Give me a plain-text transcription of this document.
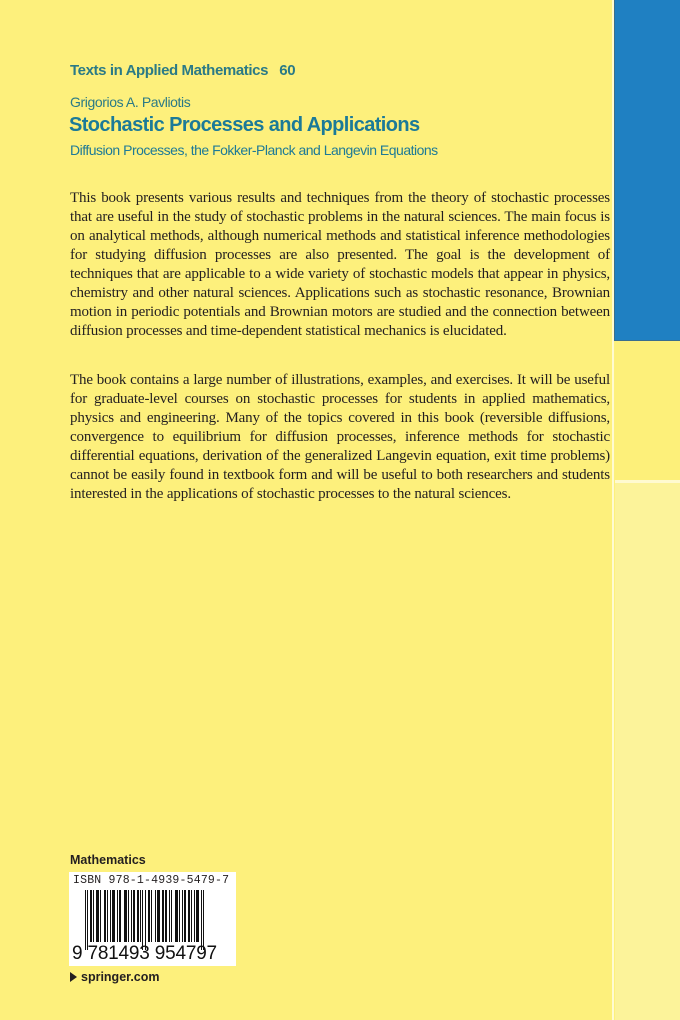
Texts in Applied Mathematics   60
Grigorios A. Pavliotis
Stochastic Processes and Applications
Diffusion Processes, the Fokker-Planck and Langevin Equations

This book presents various results and techniques from the theory of stochastic processes that are useful in the study of stochastic problems in the natural sciences. The main focus is on analytical methods, although numerical methods and statistical inference methodologies for studying diffusion processes are also presented. The goal is the development of techniques that are applicable to a wide variety of stochastic models that appear in physics, chemistry and other natural sciences. Applications such as stochastic resonance, Brownian motion in periodic potentials and Brownian motors are studied and the connection between diffusion processes and time-dependent statistical mechanics is elucidated.

The book contains a large number of illustrations, examples, and exercises. It will be useful for graduate-level courses on stochastic processes for students in applied mathematics, physics and engineering. Many of the topics covered in this book (reversible diffusions, convergence to equilibrium for diffusion processes, inference methods for stochastic differential equations, derivation of the generalized Langevin equation, exit time problems) cannot be easily found in textbook form and will be useful to both researchers and students interested in the applications of stochastic processes to the natural sciences.

Mathematics
ISBN 978-1-4939-5479-7
9 781493 954797
springer.com
